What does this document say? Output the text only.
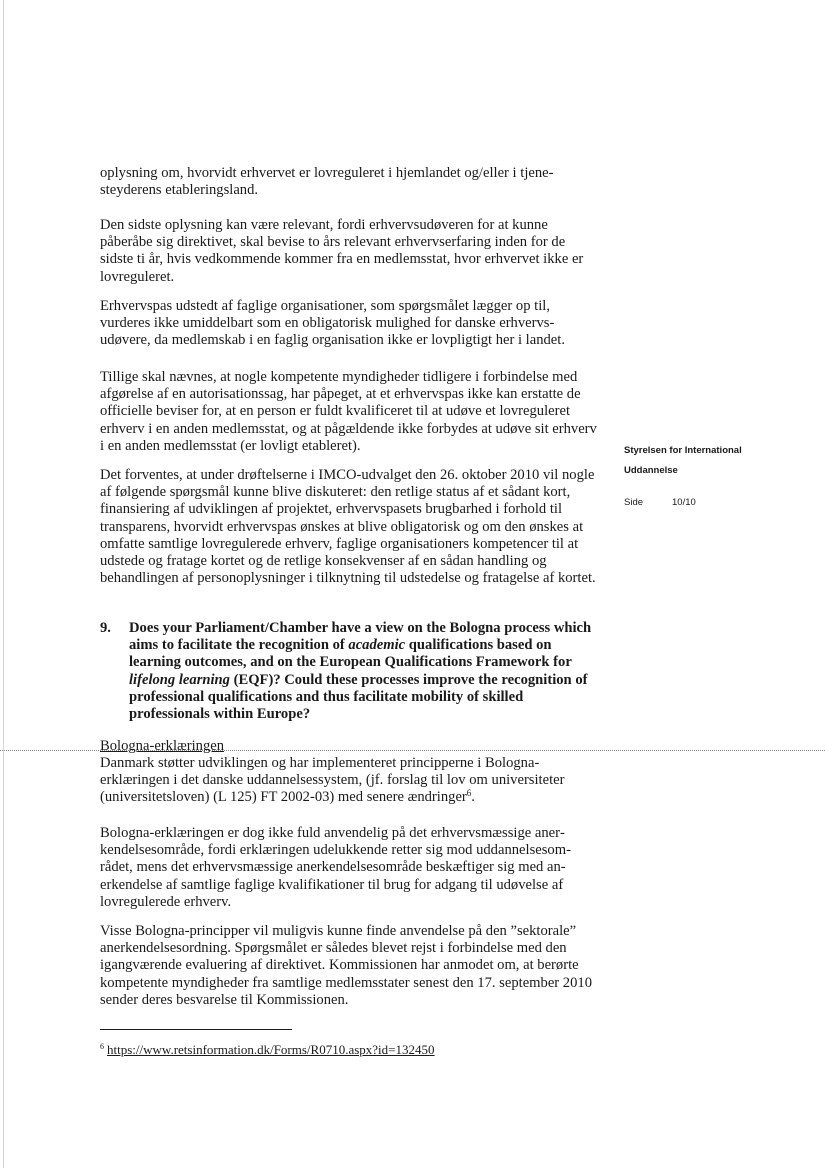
oplysning om, hvorvidt erhvervet er lovreguleret i hjemlandet og/eller i tjenesteyderens etableringsland.

Den sidste oplysning kan være relevant, fordi erhvervsudøveren for at kunne påberåbe sig direktivet, skal bevise to års relevant erhvervserfaring inden for de sidste ti år, hvis vedkommende kommer fra en medlemsstat, hvor erhvervet ikke er lovreguleret.

Erhvervspas udstedt af faglige organisationer, som spørgsmålet lægger op til, vurderes ikke umiddelbart som en obligatorisk mulighed for danske erhvervsudøvere, da medlemskab i en faglig organisation ikke er lovpligtigt her i landet.

Tillige skal nævnes, at nogle kompetente myndigheder tidligere i forbindelse med afgørelse af en autorisationssag, har påpeget, at et erhvervspas ikke kan erstatte de officielle beviser for, at en person er fuldt kvalificeret til at udøve et lovreguleret erhverv i en anden medlemsstat, og at pågældende ikke forbydes at udøve sit erhverv i en anden medlemsstat (er lovligt etableret).

Det forventes, at under drøftelserne i IMCO-udvalget den 26. oktober 2010 vil nogle af følgende spørgsmål kunne blive diskuteret: den retlige status af et sådant kort, finansiering af udviklingen af projektet, erhvervspasets brugbarhed i forhold til transparens, hvorvidt erhvervspas ønskes at blive obligatorisk og om den ønskes at omfatte samtlige lovregulerede erhverv, faglige organisationers kompetencer til at udstede og fratage kortet og de retlige konsekvenser af en sådan handling og behandlingen af personoplysninger i tilknytning til udstedelse og fratagelse af kortet.

9. Does your Parliament/Chamber have a view on the Bologna process which aims to facilitate the recognition of academic qualifications based on learning outcomes, and on the European Qualifications Framework for lifelong learning (EQF)? Could these processes improve the recognition of professional qualifications and thus facilitate mobility of skilled professionals within Europe?
Bologna-erklæringen

Danmark støtter udviklingen og har implementeret principperne i Bolognaerklæringen i det danske uddannelsessystem, (jf. forslag til lov om universiteter (universitetsloven) (L 125) FT 2002-03) med senere ændringer$^6$.

Bologna-erklæringen er dog ikke fuld anvendelig på det erhvervsmæssige anerkendelsesområde, fordi erklæringen udelukkende retter sig mod uddannelsesområdet, mens det erhvervsmæssige anerkendelsesområde beskæftiger sig med anerkendelse af samtlige faglige kvalifikationer til brug for adgang til udøvelse af lovregulerede erhverv.

Visse Bologna-principper vil muligvis kunne finde anvendelse på den ”sektorale” anerkendelsesordning. Spørgsmålet er således blevet rejst i forbindelse med den igangværende evaluering af direktivet. Kommissionen har anmodet om, at berørte kompetente myndigheder fra samtlige medlemsstater senest den 17. september 2010 sender deres besvarelse til Kommissionen.

$^6$ https://www.retsinformation.dk/Forms/R0710.aspx?id=132450
Styrelsen for International
Uddannelse
Side	10/10
